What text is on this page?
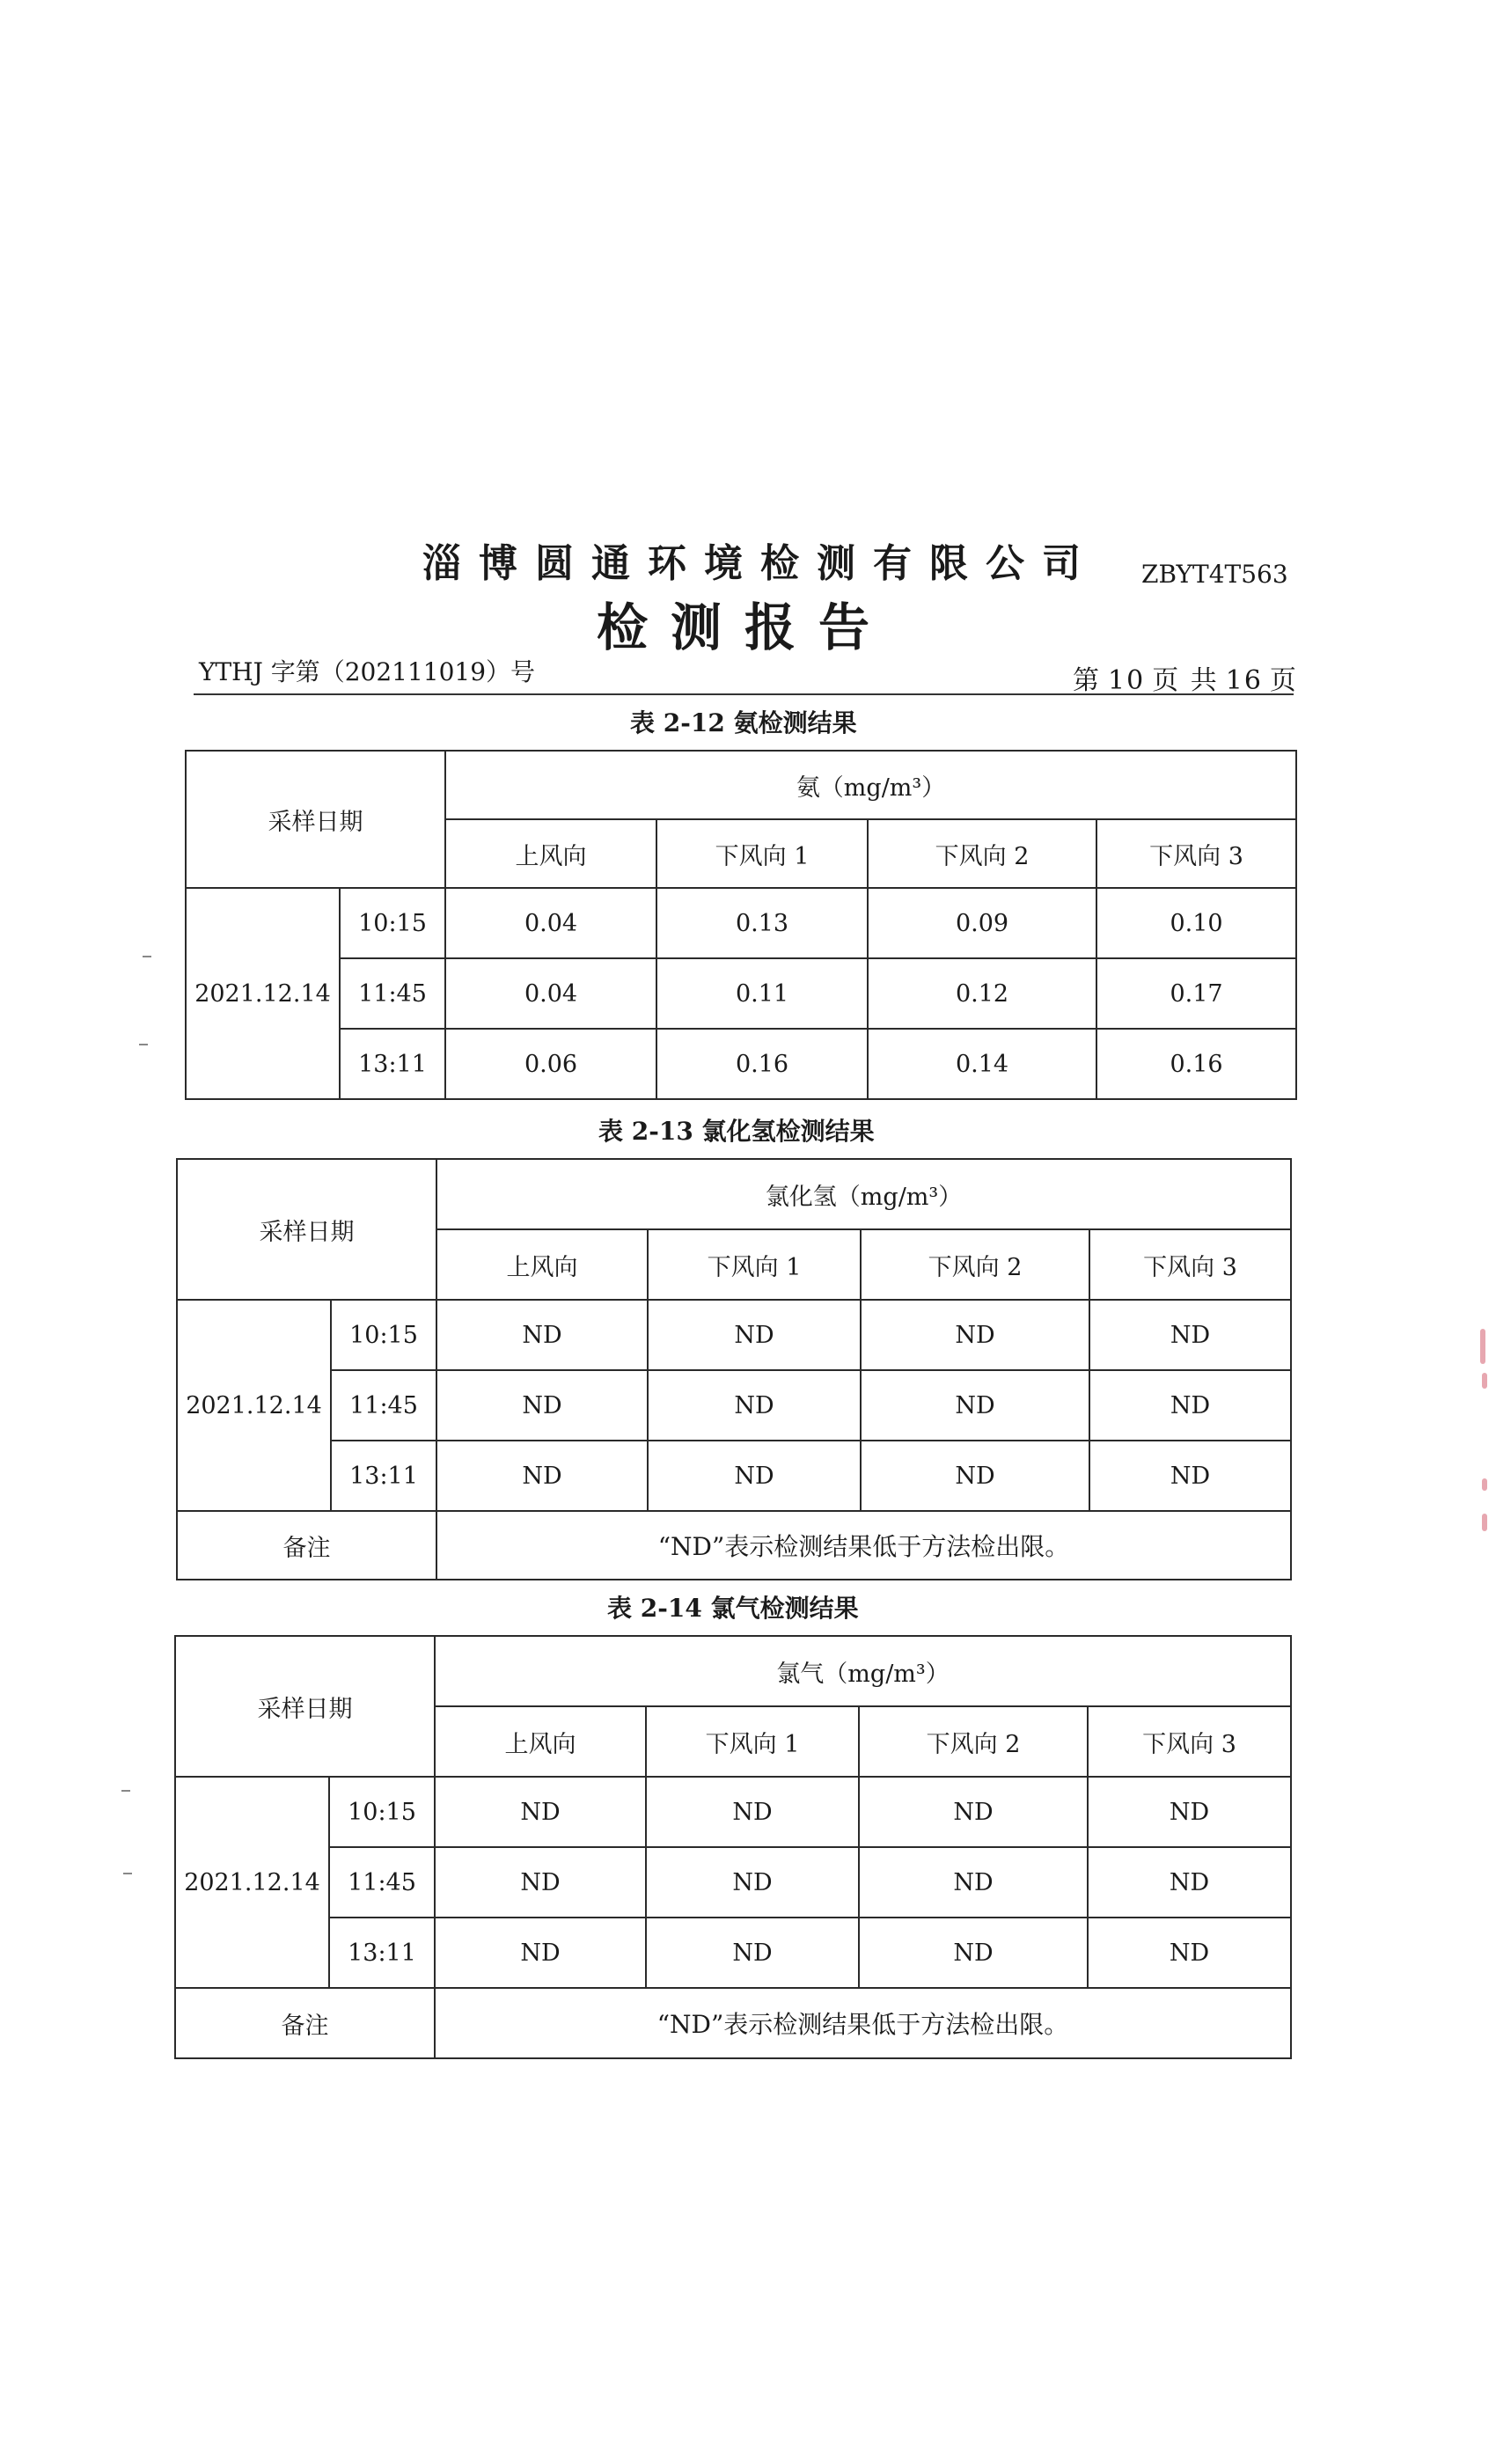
淄博圆通环境检测有限公司 ZBYT4T563
检测报告
YTHJ 字第（202111019）号	第 10 页 共 16 页
表 2-12 氨检测结果
采样日期		氨（mg/m³）			
		上风向	下风向 1	下风向 2	下风向 3
2021.12.14	10:15	0.04	0.13	0.09	0.10
	11:45	0.04	0.11	0.12	0.17
	13:11	0.06	0.16	0.14	0.16
表 2-13 氯化氢检测结果
采样日期		氯化氢（mg/m³）			
		上风向	下风向 1	下风向 2	下风向 3
2021.12.14	10:15	ND	ND	ND	ND
	11:45	ND	ND	ND	ND
	13:11	ND	ND	ND	ND
备注		“ND”表示检测结果低于方法检出限。			
表 2-14 氯气检测结果
采样日期		氯气（mg/m³）			
		上风向	下风向 1	下风向 2	下风向 3
2021.12.14	10:15	ND	ND	ND	ND
	11:45	ND	ND	ND	ND
	13:11	ND	ND	ND	ND
备注		“ND”表示检测结果低于方法检出限。			
